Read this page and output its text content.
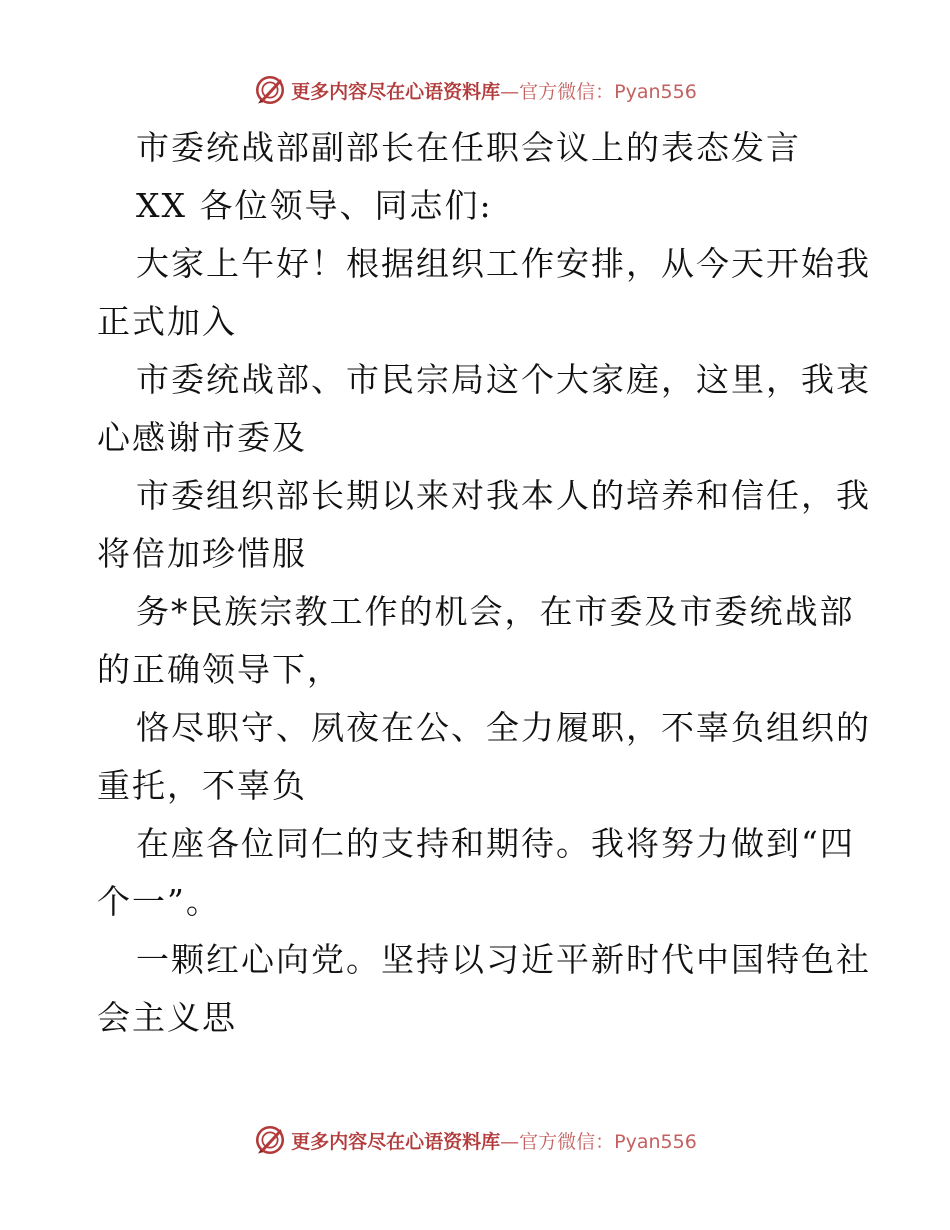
更多内容尽在心语资料库—官方微信：Pyan556
市委统战部副部长在任职会议上的表态发言
XX 各位领导、同志们:
大家上午好！根据组织工作安排，从今天开始我
正式加入
市委统战部、市民宗局这个大家庭，这里，我衷
心感谢市委及
市委组织部长期以来对我本人的培养和信任，我
将倍加珍惜服
务*民族宗教工作的机会，在市委及市委统战部
的正确领导下，
恪尽职守、夙夜在公、全力履职，不辜负组织的
重托，不辜负
在座各位同仁的支持和期待。我将努力做到“四
个一”。
一颗红心向党。坚持以习近平新时代中国特色社
会主义思
更多内容尽在心语资料库—官方微信：Pyan556
